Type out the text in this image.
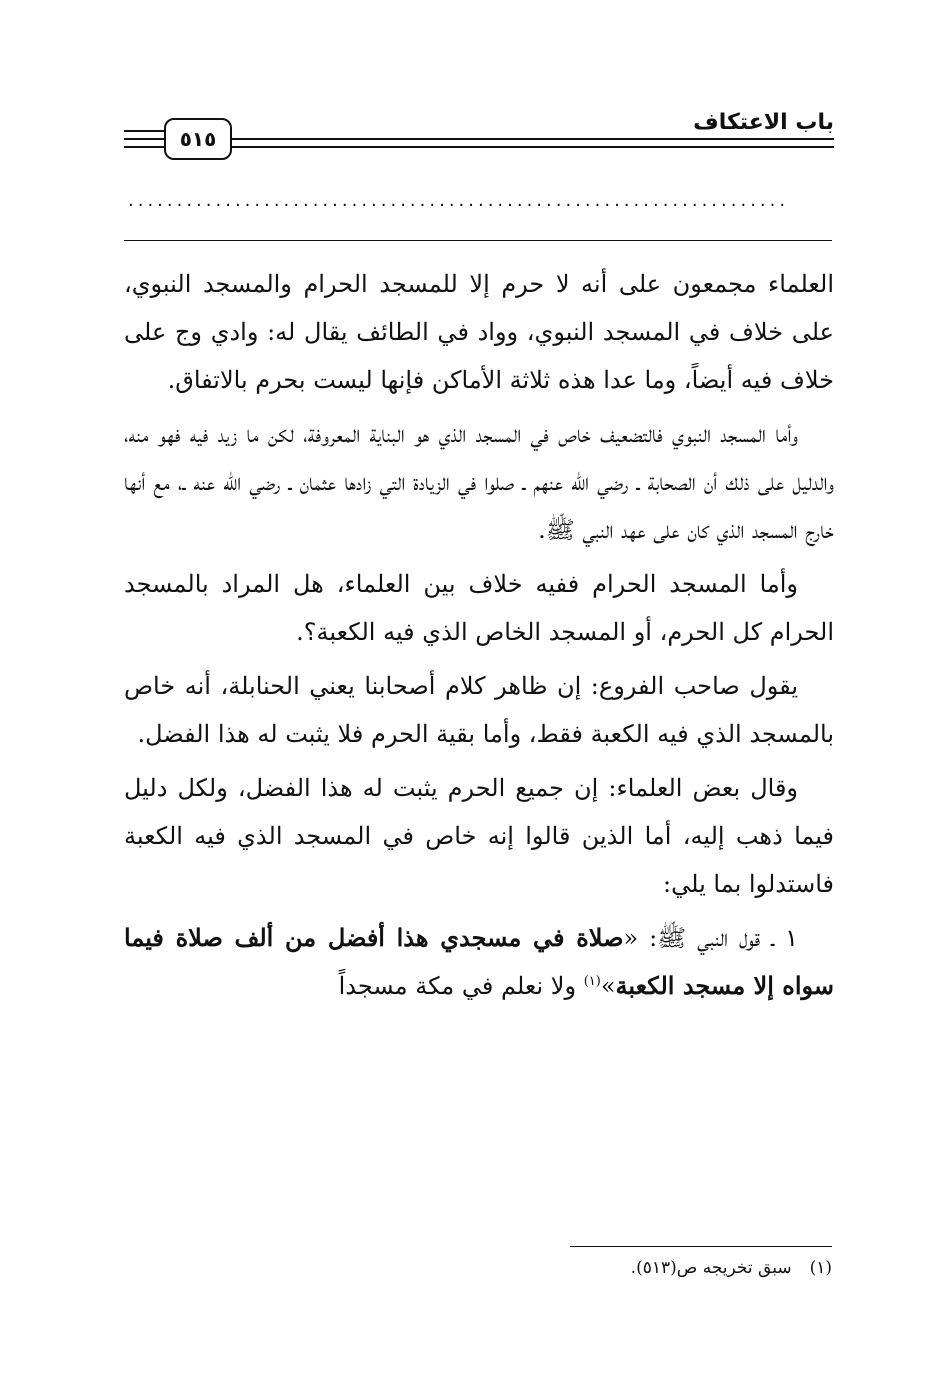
٥١٥
باب الاعتكاف
....................................................................

العلماء مجمعون على أنه لا حرم إلا للمسجد الحرام والمسجد النبوي، على خلاف في المسجد النبوي، وواد في الطائف يقال له: وادي وج على خلاف فيه أيضاً، وما عدا هذه ثلاثة الأماكن فإنها ليست بحرم بالاتفاق.

وأما المسجد النبوي فالتضعيف خاص في المسجد الذي هو البناية المعروفة، لكن ما زيد فيه فهو منه، والدليل على ذلك أن الصحابة ـ رضي الله عنهم ـ صلوا في الزيادة التي زادها عثمان ـ رضي الله عنه ـ، مع أنها خارج المسجد الذي كان على عهد النبي ﷺ.

وأما المسجد الحرام ففيه خلاف بين العلماء، هل المراد بالمسجد الحرام كل الحرم، أو المسجد الخاص الذي فيه الكعبة؟.

يقول صاحب الفروع: إن ظاهر كلام أصحابنا يعني الحنابلة، أنه خاص بالمسجد الذي فيه الكعبة فقط، وأما بقية الحرم فلا يثبت له هذا الفضل.

وقال بعض العلماء: إن جميع الحرم يثبت له هذا الفضل، ولكل دليل فيما ذهب إليه، أما الذين قالوا إنه خاص في المسجد الذي فيه الكعبة فاستدلوا بما يلي:

١ ـ قول النبي ﷺ: «صلاة في مسجدي هذا أفضل من ألف صلاة فيما سواه إلا مسجد الكعبة»$^{(١)}$ ولا نعلم في مكة مسجداً

(١)سبق تخريجه ص(٥١٣).
